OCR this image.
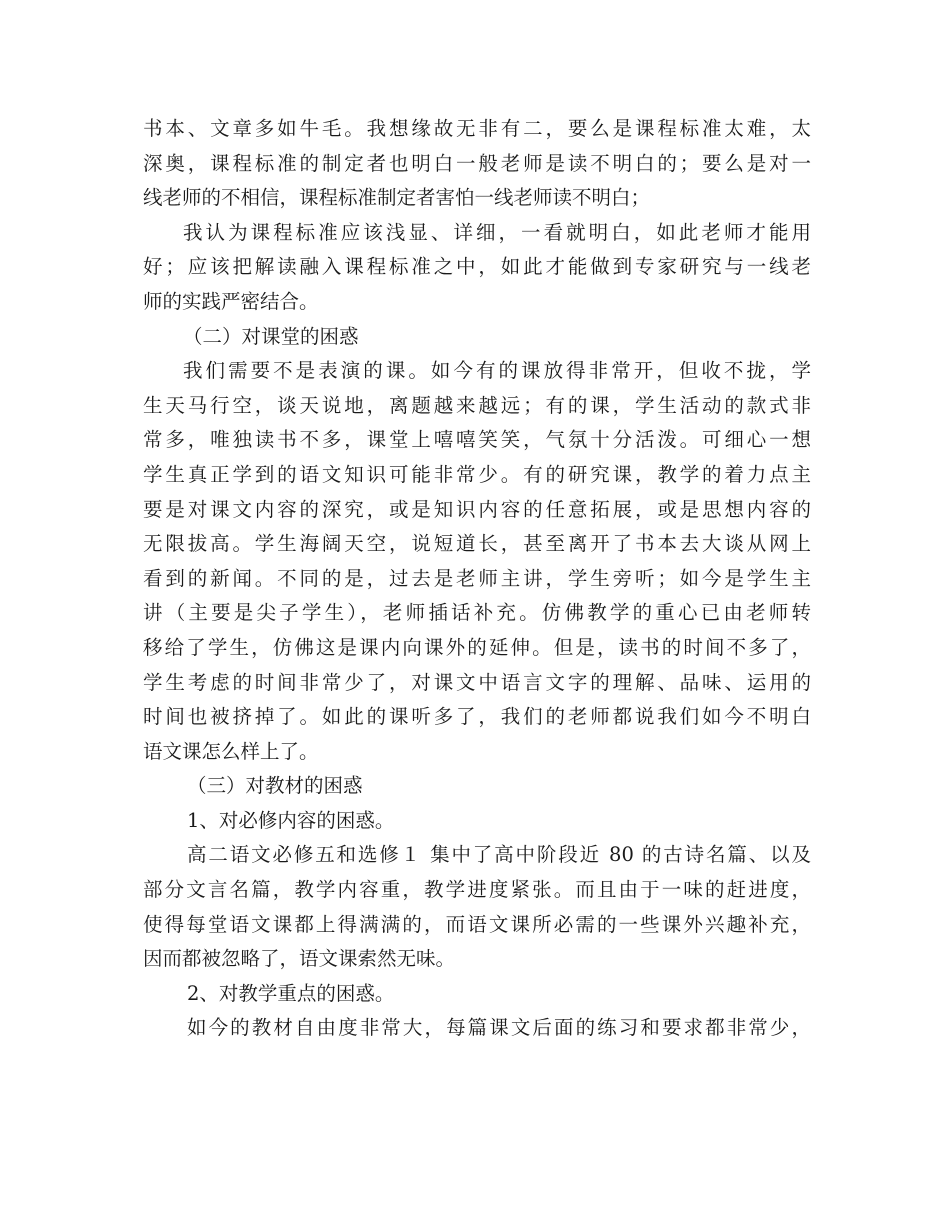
书本、文章多如牛毛。我想缘故无非有二，要么是课程标准太难，太
深奥，课程标准的制定者也明白一般老师是读不明白的；要么是对一
线老师的不相信，课程标准制定者害怕一线老师读不明白；
我认为课程标准应该浅显、详细，一看就明白，如此老师才能用
好；应该把解读融入课程标准之中，如此才能做到专家研究与一线老
师的实践严密结合。
（二）对课堂的困惑
我们需要不是表演的课。如今有的课放得非常开，但收不拢，学
生天马行空，谈天说地，离题越来越远；有的课，学生活动的款式非
常多，唯独读书不多，课堂上嘻嘻笑笑，气氛十分活泼。可细心一想
学生真正学到的语文知识可能非常少。有的研究课，教学的着力点主
要是对课文内容的深究，或是知识内容的任意拓展，或是思想内容的
无限拔高。学生海阔天空，说短道长，甚至离开了书本去大谈从网上
看到的新闻。不同的是，过去是老师主讲，学生旁听；如今是学生主
讲（主要是尖子学生），老师插话补充。仿佛教学的重心已由老师转
移给了学生，仿佛这是课内向课外的延伸。但是，读书的时间不多了，
学生考虑的时间非常少了，对课文中语言文字的理解、品味、运用的
时间也被挤掉了。如此的课听多了，我们的老师都说我们如今不明白
语文课怎么样上了。
（三）对教材的困惑
1、对必修内容的困惑。
高二语文必修五和选修１ 集中了高中阶段近 80 的古诗名篇、以及
部分文言名篇，教学内容重，教学进度紧张。而且由于一味的赶进度，
使得每堂语文课都上得满满的，而语文课所必需的一些课外兴趣补充，
因而都被忽略了，语文课索然无味。
2、对教学重点的困惑。
如今的教材自由度非常大，每篇课文后面的练习和要求都非常少，
